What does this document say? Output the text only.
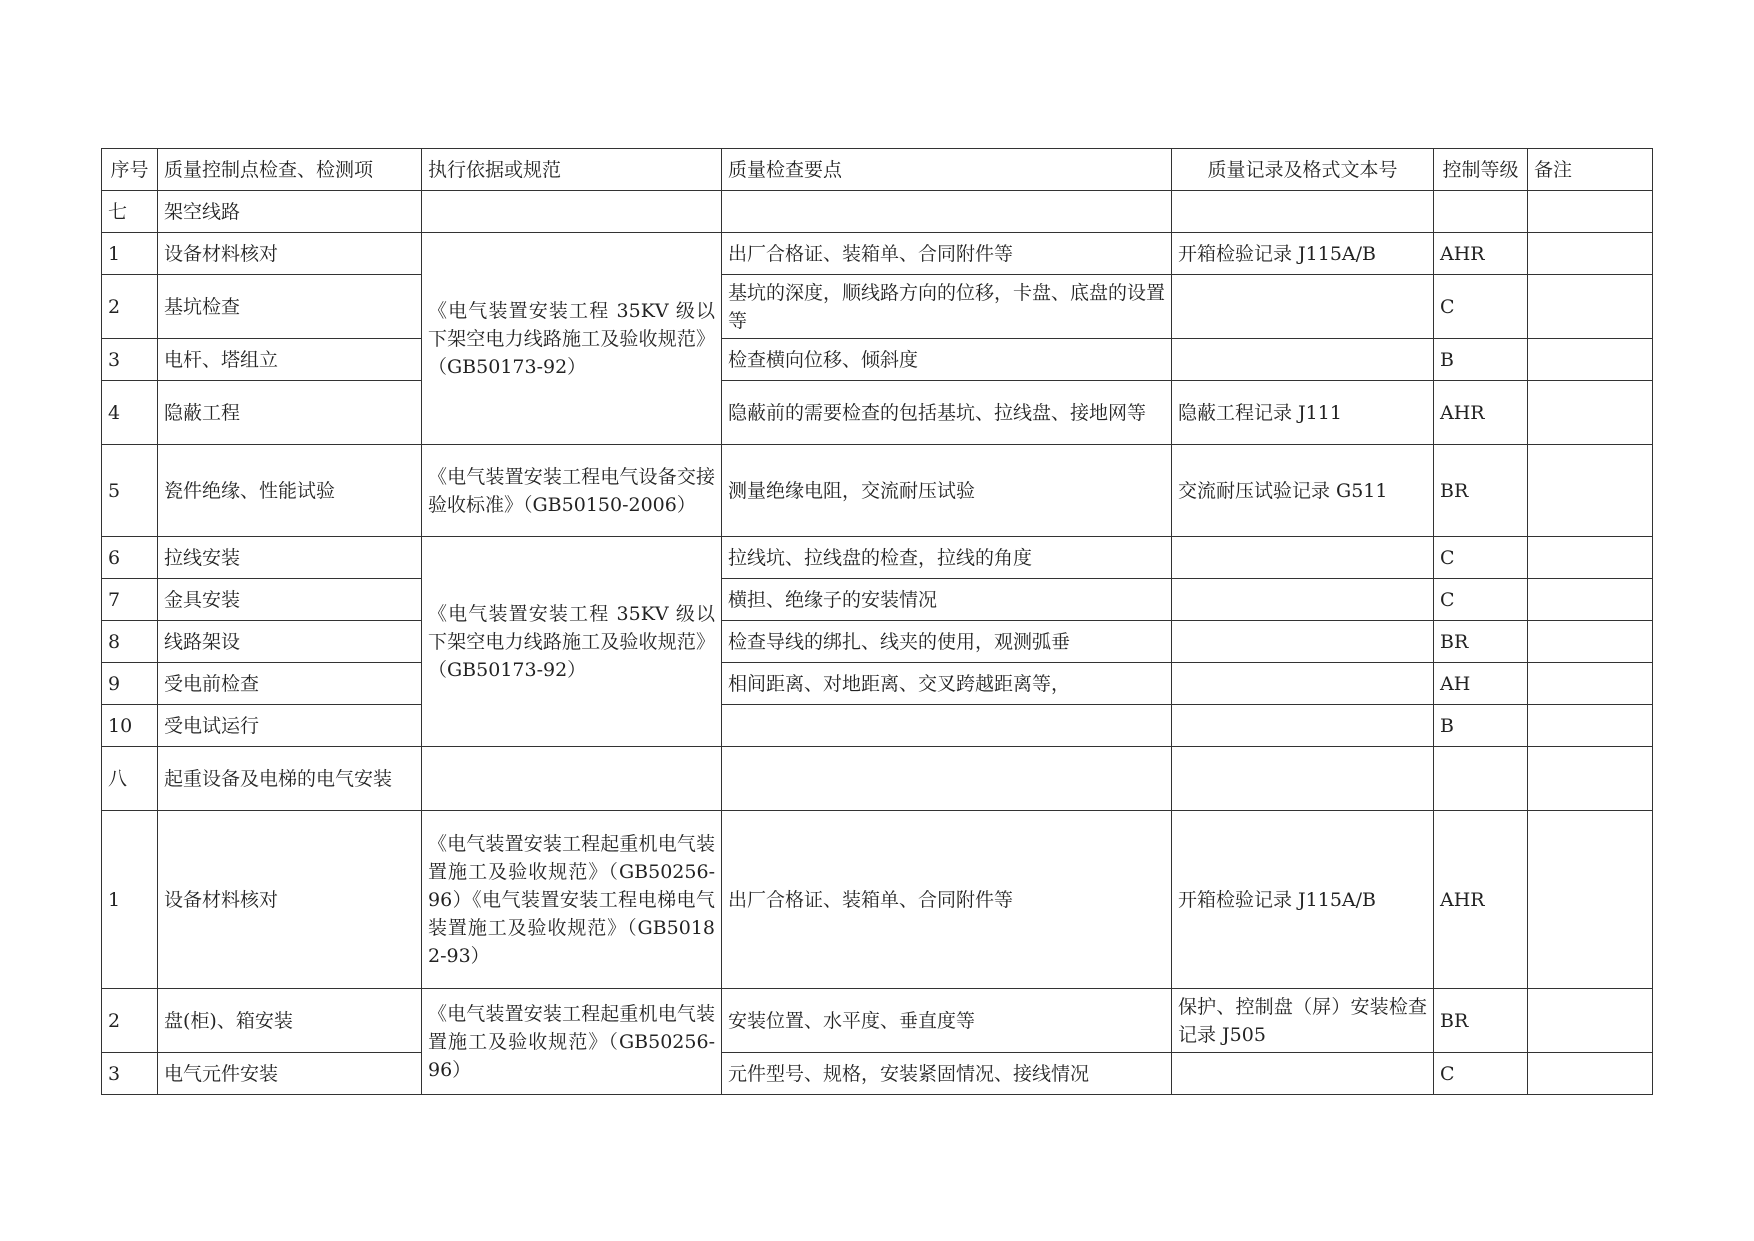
序号	质量控制点检查、检测项	执行依据或规范	质量检查要点	质量记录及格式文本号	控制等级	备注
七	架空线路					
1	设备材料核对	《电气装置安装工程 35KV 级以下架空电力线路施工及验收规范》（GB50173-92）	出厂合格证、装箱单、合同附件等	开箱检验记录 J115A/B	AHR	
2	基坑检查		基坑的深度，顺线路方向的位移，卡盘、底盘的设置等		C	
3	电杆、塔组立		检查横向位移、倾斜度		B	
4	隐蔽工程		隐蔽前的需要检查的包括基坑、拉线盘、接地网等	隐蔽工程记录 J111	AHR	
5	瓷件绝缘、性能试验	《电气装置安装工程电气设备交接验收标准》（GB50150-2006）	测量绝缘电阻，交流耐压试验	交流耐压试验记录 G511	BR	
6	拉线安装	《电气装置安装工程 35KV 级以下架空电力线路施工及验收规范》（GB50173-92）	拉线坑、拉线盘的检查，拉线的角度		C	
7	金具安装		横担、绝缘子的安装情况		C	
8	线路架设		检查导线的绑扎、线夹的使用，观测弧垂		BR	
9	受电前检查		相间距离、对地距离、交叉跨越距离等，		AH	
10	受电试运行				B	
八	起重设备及电梯的电气安装					
1	设备材料核对	《电气装置安装工程起重机电气装置施工及验收规范》（GB50256-96）《电气装置安装工程电梯电气装置施工及验收规范》（GB50182-93）	出厂合格证、装箱单、合同附件等	开箱检验记录 J115A/B	AHR	
2	盘(柜)、箱安装	《电气装置安装工程起重机电气装置施工及验收规范》（GB50256-96）	安装位置、水平度、垂直度等	保护、控制盘（屏）安装检查记录 J505	BR	
3	电气元件安装		元件型号、规格，安装紧固情况、接线情况		C	
